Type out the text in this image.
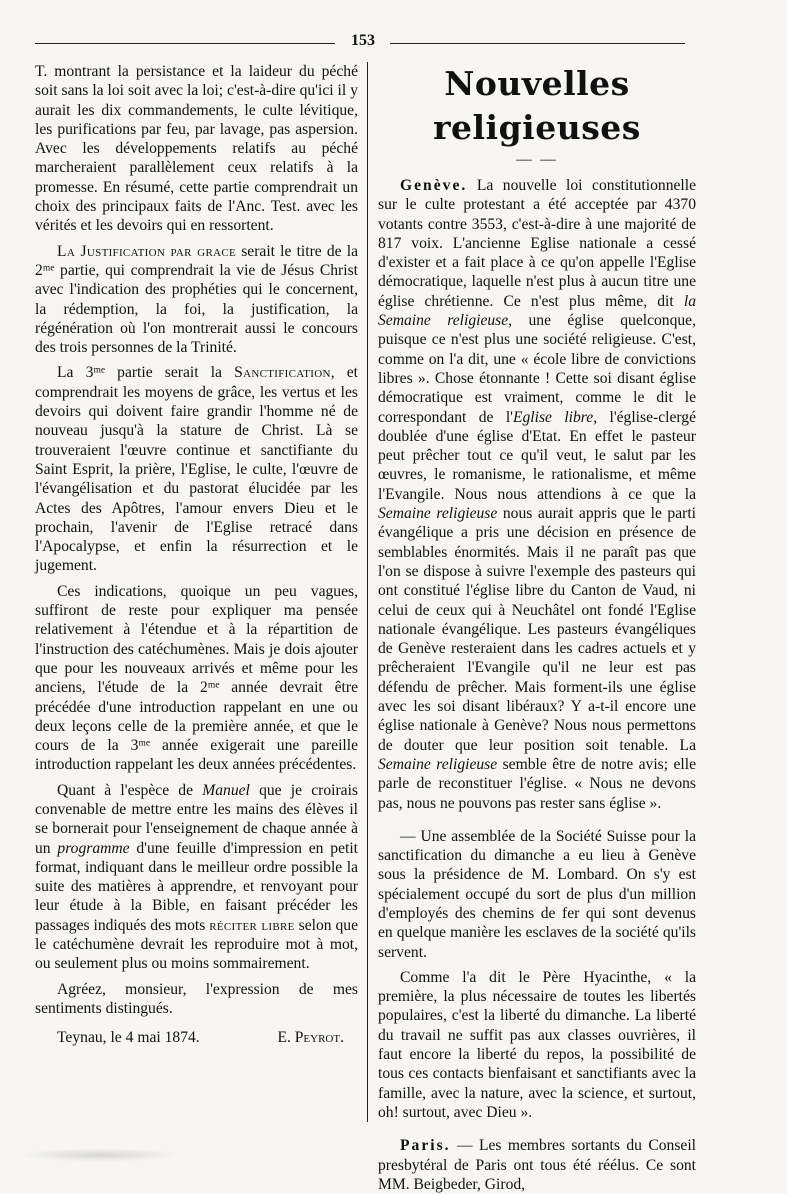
153

T. montrant la persistance et la laideur du péché soit sans la loi soit avec la loi; c'est-à-dire qu'ici il y aurait les dix commandements, le culte lévitique, les purifications par feu, par lavage, pas aspersion. Avec les développements relatifs au péché marcheraient parallèlement ceux relatifs à la promesse. En résumé, cette partie comprendrait un choix des principaux faits de l'Anc. Test. avec les vérités et les devoirs qui en ressortent.

La Justification par grace serait le titre de la 2ᵐᵉ partie, qui comprendrait la vie de Jésus Christ avec l'indication des prophéties qui le concernent, la rédemption, la foi, la justification, la régénération où l'on montrerait aussi le concours des trois personnes de la Trinité.

La 3ᵐᵉ partie serait la Sanctification, et comprendrait les moyens de grâce, les vertus et les devoirs qui doivent faire grandir l'homme né de nouveau jusqu'à la stature de Christ. Là se trouveraient l'œuvre continue et sanctifiante du Saint Esprit, la prière, l'Eglise, le culte, l'œuvre de l'évangélisation et du pastorat élucidée par les Actes des Apôtres, l'amour envers Dieu et le prochain, l'avenir de l'Eglise retracé dans l'Apocalypse, et enfin la résurrection et le jugement.

Ces indications, quoique un peu vagues, suffiront de reste pour expliquer ma pensée relativement à l'étendue et à la répartition de l'instruction des catéchumènes. Mais je dois ajouter que pour les nouveaux arrivés et même pour les anciens, l'étude de la 2ᵐᵉ année devrait être précédée d'une introduction rappelant en une ou deux leçons celle de la première année, et que le cours de la 3ᵐᵉ année exigerait une pareille introduction rappelant les deux années précédentes.

Quant à l'espèce de Manuel que je croirais convenable de mettre entre les mains des élèves il se bornerait pour l'enseignement de chaque année à un programme d'une feuille d'impression en petit format, indiquant dans le meilleur ordre possible la suite des matières à apprendre, et renvoyant pour leur étude à la Bible, en faisant précéder les passages indiqués des mots réciter libre selon que le catéchumène devrait les reproduire mot à mot, ou seulement plus ou moins sommairement.

Agréez, monsieur, l'expression de mes sentiments distingués.

Teynau, le 4 mai 1874.	E. Peyrot.
Nouvelles religieuses
— —

Genève. La nouvelle loi constitutionnelle sur le culte protestant a été acceptée par 4370 votants contre 3553, c'est-à-dire à une majorité de 817 voix. L'ancienne Eglise nationale a cessé d'exister et a fait place à ce qu'on appelle l'Eglise démocratique, laquelle n'est plus à aucun titre une église chrétienne. Ce n'est plus même, dit la Semaine religieuse, une église quelconque, puisque ce n'est plus une société religieuse. C'est, comme on l'a dit, une « école libre de convictions libres ». Chose étonnante ! Cette soi disant église démocratique est vraiment, comme le dit le correspondant de l'Eglise libre, l'église-clergé doublée d'une église d'Etat. En effet le pasteur peut prêcher tout ce qu'il veut, le salut par les œuvres, le romanisme, le rationalisme, et même l'Evangile. Nous nous attendions à ce que la Semaine religieuse nous aurait appris que le parti évangélique a pris une décision en présence de semblables énormités. Mais il ne paraît pas que l'on se dispose à suivre l'exemple des pasteurs qui ont constitué l'église libre du Canton de Vaud, ni celui de ceux qui à Neuchâtel ont fondé l'Eglise nationale évangélique. Les pasteurs évangéliques de Genève resteraient dans les cadres actuels et y prêcheraient l'Evangile qu'il ne leur est pas défendu de prêcher. Mais forment-ils une église avec les soi disant libéraux? Y a-t-il encore une église nationale à Genève? Nous nous permettons de douter que leur position soit tenable. La Semaine religieuse semble être de notre avis; elle parle de reconstituer l'église. « Nous ne devons pas, nous ne pouvons pas rester sans église ».

— Une assemblée de la Société Suisse pour la sanctification du dimanche a eu lieu à Genève sous la présidence de M. Lombard. On s'y est spécialement occupé du sort de plus d'un million d'employés des chemins de fer qui sont devenus en quelque manière les esclaves de la société qu'ils servent.

Comme l'a dit le Père Hyacinthe, « la première, la plus nécessaire de toutes les libertés populaires, c'est la liberté du dimanche. La liberté du travail ne suffit pas aux classes ouvrières, il faut encore la liberté du repos, la possibilité de tous ces contacts bienfaisant et sanctifiants avec la famille, avec la nature, avec la science, et surtout, oh! surtout, avec Dieu ».

Paris. — Les membres sortants du Conseil presbytéral de Paris ont tous été réélus. Ce sont MM. Beigbeder, Girod,
